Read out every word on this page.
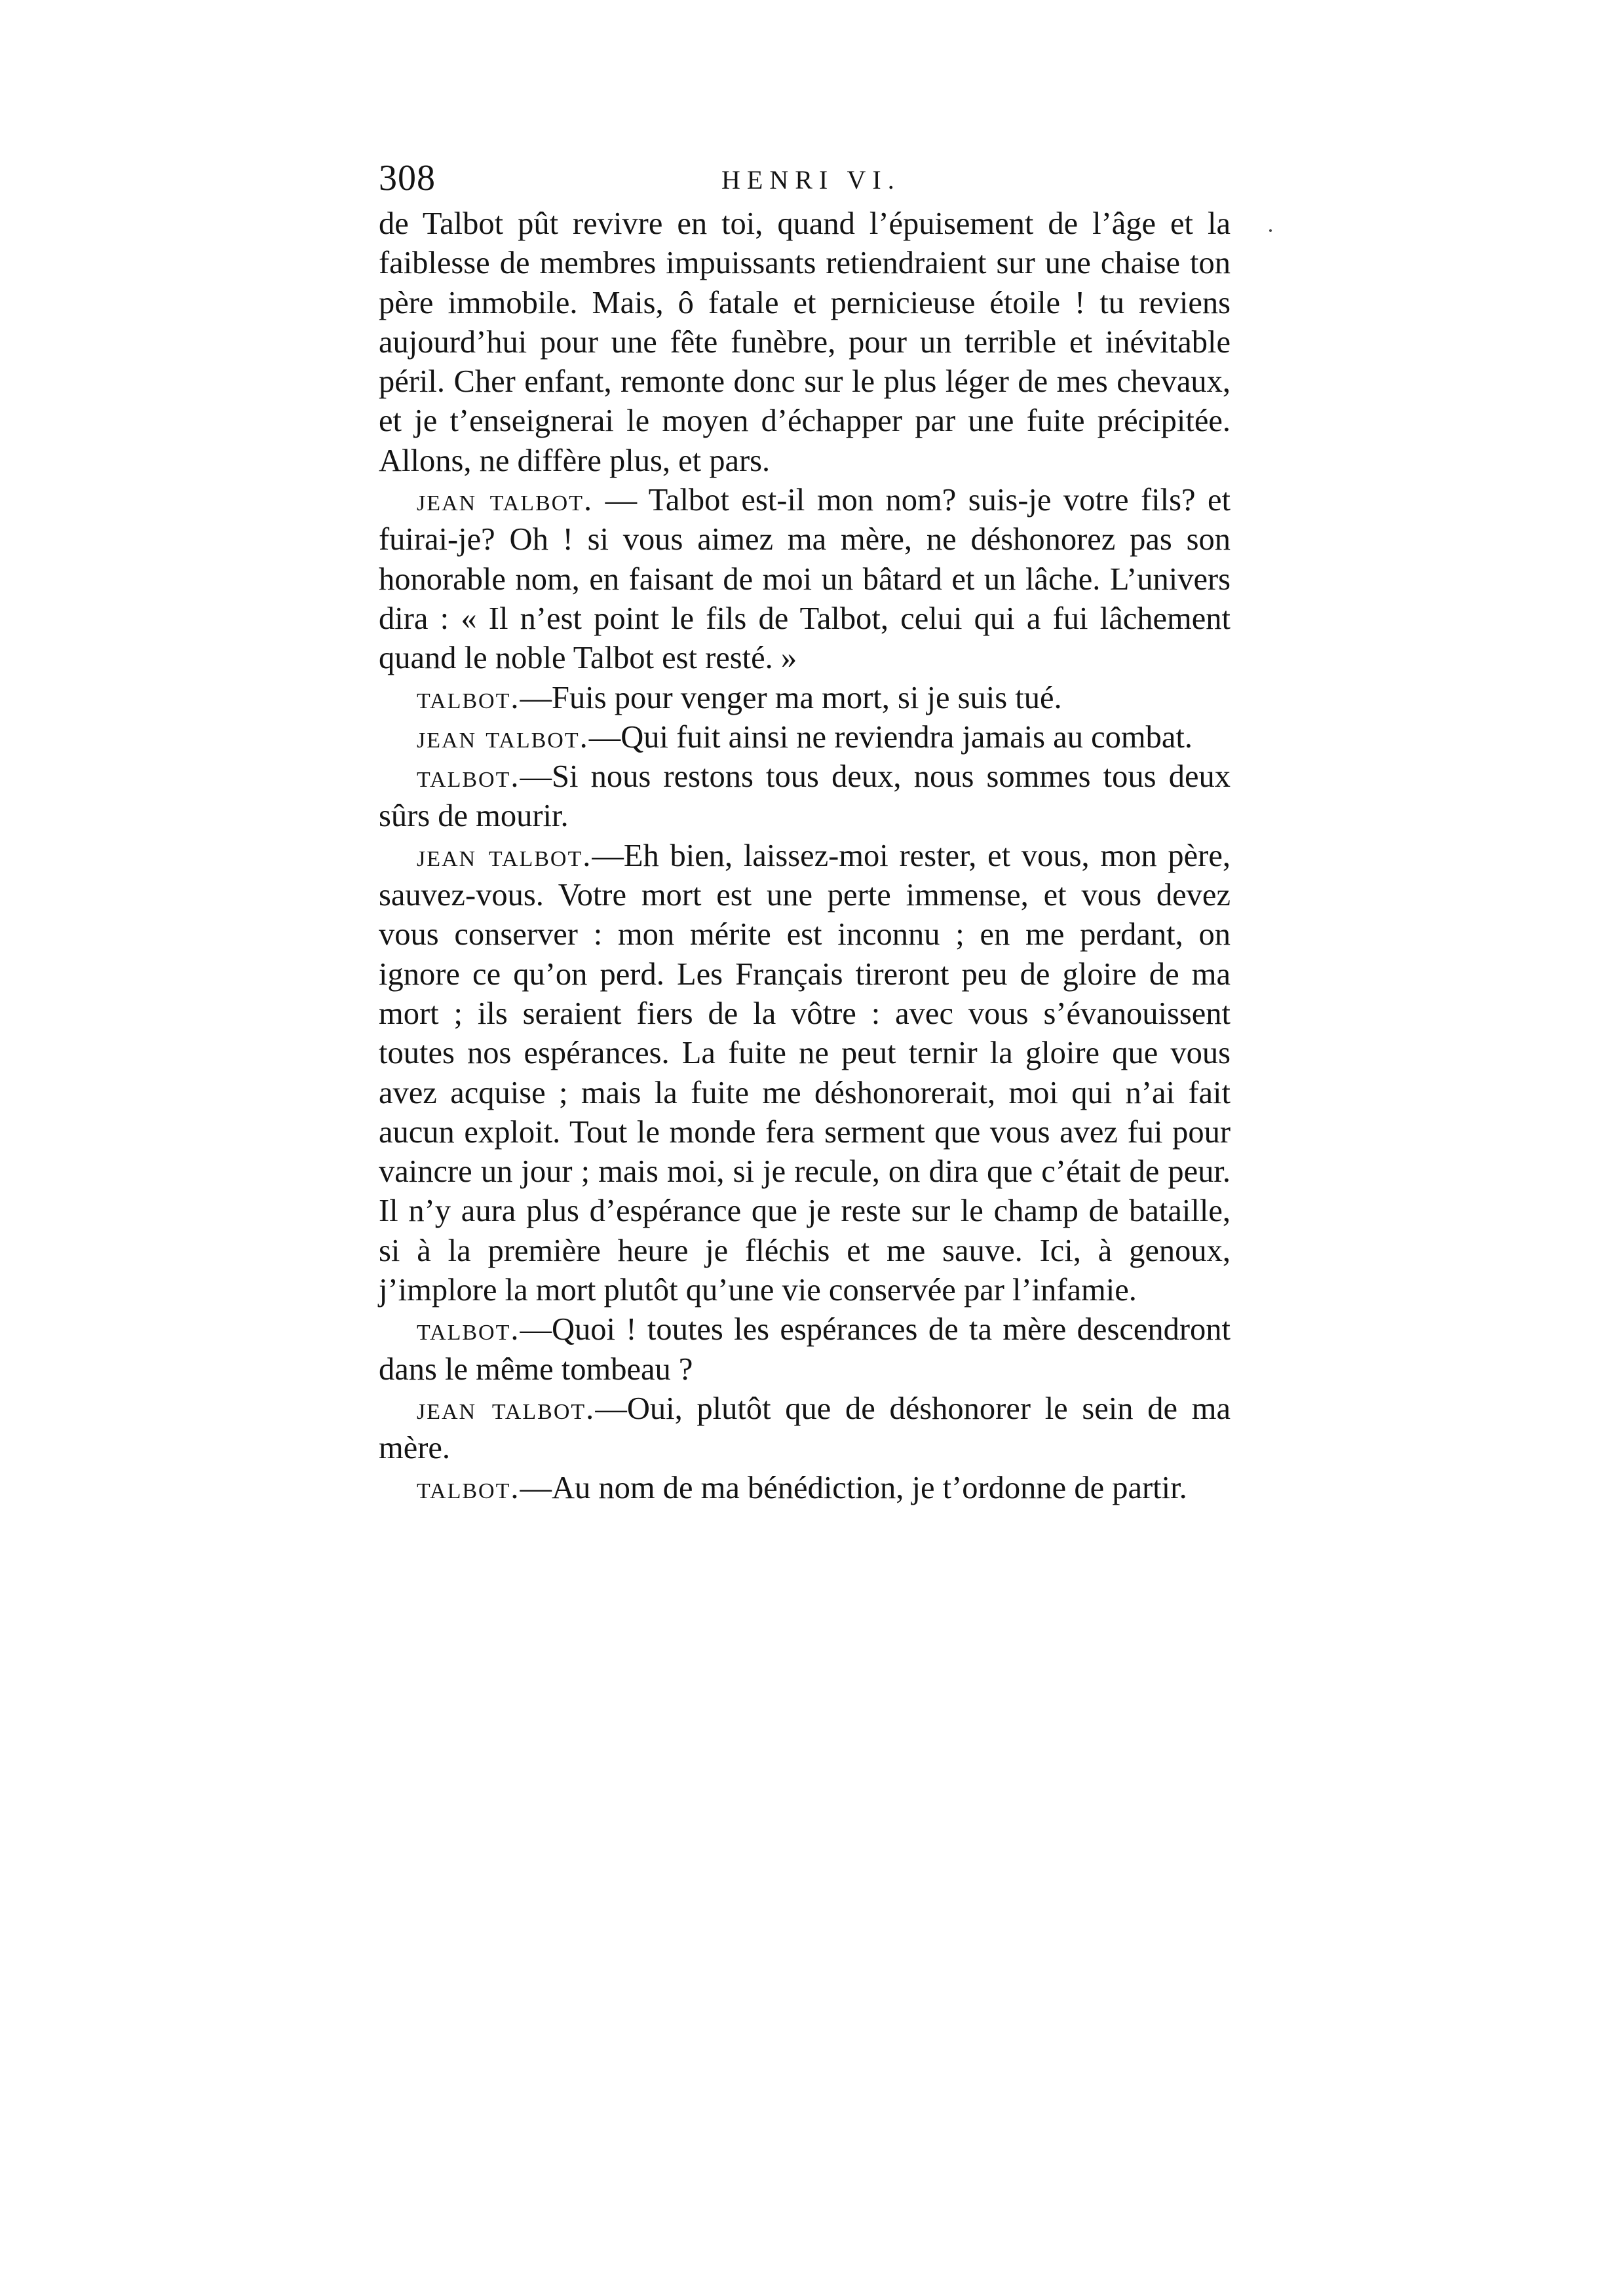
308	HENRI VI.

de Talbot pût revivre en toi, quand l’épuisement de l’âge et la faiblesse de membres impuissants retiendraient sur une chaise ton père immobile. Mais, ô fatale et pernicieuse étoile ! tu reviens aujourd’hui pour une fête funèbre, pour un terrible et inévitable péril. Cher enfant, remonte donc sur le plus léger de mes chevaux, et je t’enseignerai le moyen d’échapper par une fuite précipitée. Allons, ne diffère plus, et pars.

jean talbot. — Talbot est-il mon nom? suis-je votre fils? et fuirai-je? Oh ! si vous aimez ma mère, ne déshonorez pas son honorable nom, en faisant de moi un bâtard et un lâche. L’univers dira : « Il n’est point le fils de Talbot, celui qui a fui lâchement quand le noble Talbot est resté. »

talbot.—Fuis pour venger ma mort, si je suis tué.

jean talbot.—Qui fuit ainsi ne reviendra jamais au combat.

talbot.—Si nous restons tous deux, nous sommes tous deux sûrs de mourir.

jean talbot.—Eh bien, laissez-moi rester, et vous, mon père, sauvez-vous. Votre mort est une perte immense, et vous devez vous conserver : mon mérite est inconnu ; en me perdant, on ignore ce qu’on perd. Les Français tireront peu de gloire de ma mort ; ils seraient fiers de la vôtre : avec vous s’évanouissent toutes nos espérances. La fuite ne peut ternir la gloire que vous avez acquise ; mais la fuite me déshonorerait, moi qui n’ai fait aucun exploit. Tout le monde fera serment que vous avez fui pour vaincre un jour ; mais moi, si je recule, on dira que c’était de peur. Il n’y aura plus d’espérance que je reste sur le champ de bataille, si à la première heure je fléchis et me sauve. Ici, à genoux, j’implore la mort plutôt qu’une vie conservée par l’infamie.

talbot.—Quoi ! toutes les espérances de ta mère descendront dans le même tombeau ?

jean talbot.—Oui, plutôt que de déshonorer le sein de ma mère.

talbot.—Au nom de ma bénédiction, je t’ordonne de partir.
